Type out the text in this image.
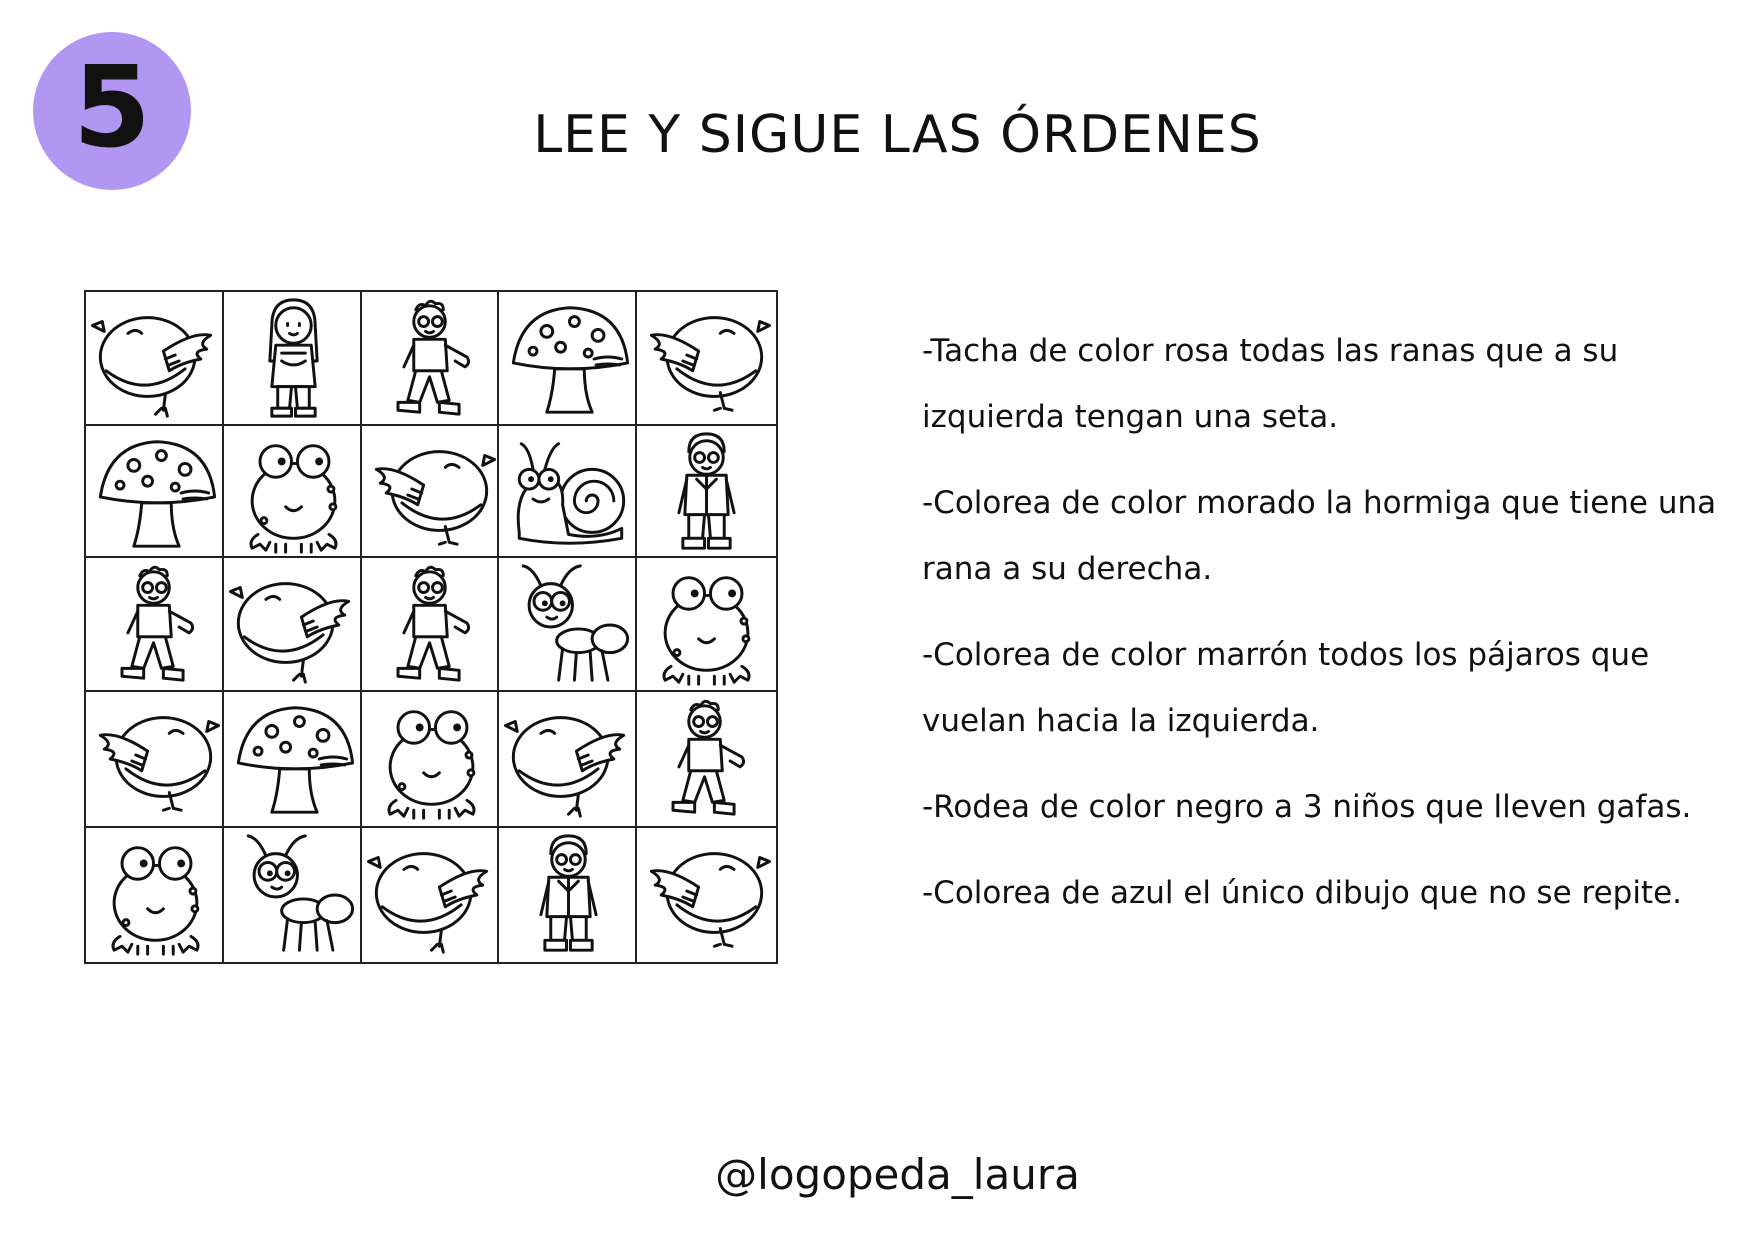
5	LEE Y SIGUE LAS ÓRDENES

-Tacha de color rosa todas las ranas que a su izquierda tengan una seta.

-Colorea de color morado la hormiga que tiene una rana a su derecha.

-Colorea de color marrón todos los pájaros que vuelan hacia la izquierda.

-Rodea de color negro a 3 niños que lleven gafas.

-Colorea de azul el único dibujo que no se repite.

@logopeda_laura
